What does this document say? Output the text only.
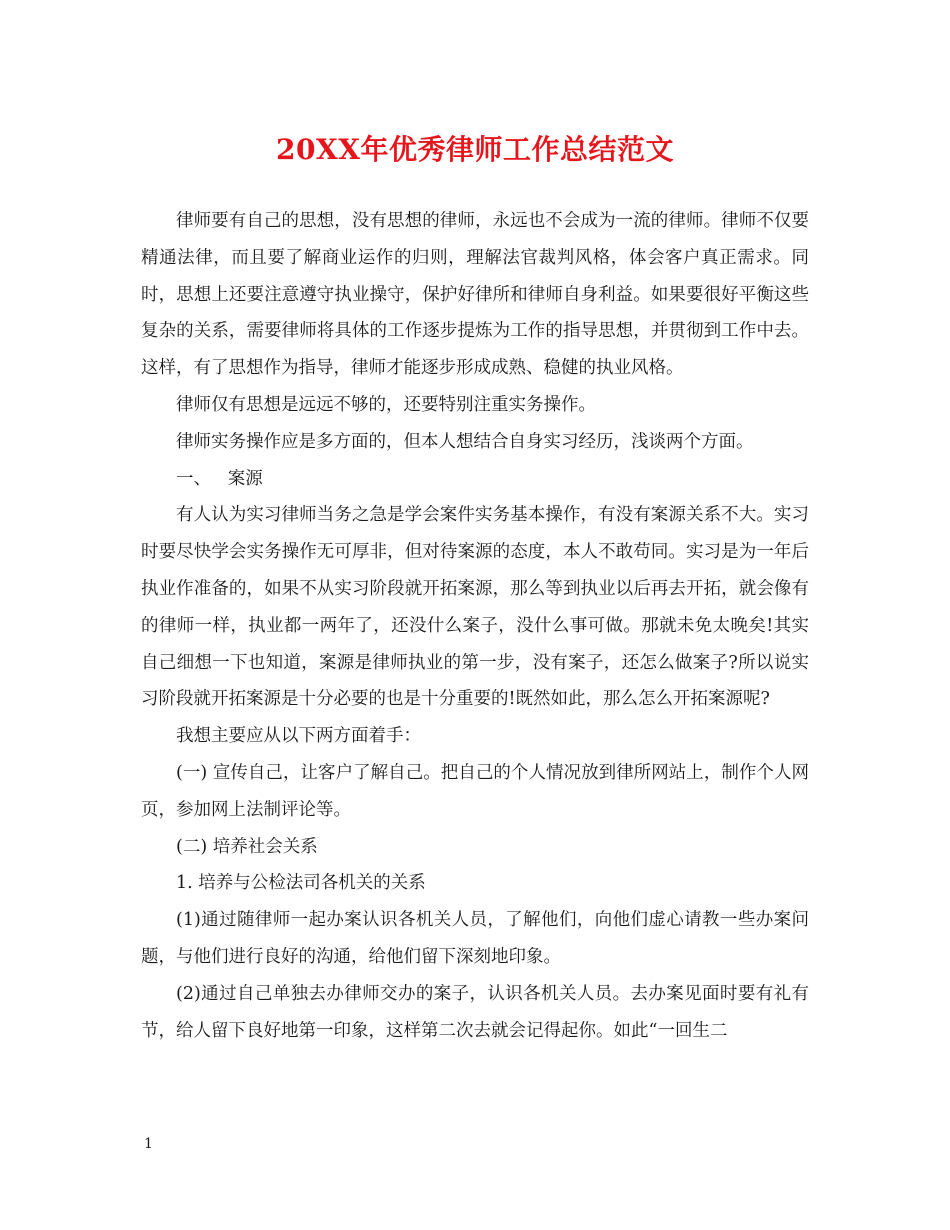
20XX年优秀律师工作总结范文

律师要有自己的思想，没有思想的律师，永远也不会成为一流的律师。律师不仅要精通法律，而且要了解商业运作的归则，理解法官裁判风格，体会客户真正需求。同时，思想上还要注意遵守执业操守，保护好律所和律师自身利益。如果要很好平衡这些复杂的关系，需要律师将具体的工作逐步提炼为工作的指导思想，并贯彻到工作中去。这样，有了思想作为指导，律师才能逐步形成成熟、稳健的执业风格。

律师仅有思想是远远不够的，还要特别注重实务操作。

律师实务操作应是多方面的，但本人想结合自身实习经历，浅谈两个方面。

一、   案源

有人认为实习律师当务之急是学会案件实务基本操作，有没有案源关系不大。实习时要尽快学会实务操作无可厚非，但对待案源的态度，本人不敢苟同。实习是为一年后执业作准备的，如果不从实习阶段就开拓案源，那么等到执业以后再去开拓，就会像有的律师一样，执业都一两年了，还没什么案子，没什么事可做。那就未免太晚矣!其实自己细想一下也知道，案源是律师执业的第一步，没有案子，还怎么做案子?所以说实习阶段就开拓案源是十分必要的也是十分重要的!既然如此，那么怎么开拓案源呢?

我想主要应从以下两方面着手：

(一) 宣传自己，让客户了解自己。把自己的个人情况放到律所网站上，制作个人网页，参加网上法制评论等。

(二) 培养社会关系

1. 培养与公检法司各机关的关系

(1)通过随律师一起办案认识各机关人员，了解他们，向他们虚心请教一些办案问题，与他们进行良好的沟通，给他们留下深刻地印象。

(2)通过自己单独去办律师交办的案子，认识各机关人员。去办案见面时要有礼有节，给人留下良好地第一印象，这样第二次去就会记得起你。如此“一回生二

1
